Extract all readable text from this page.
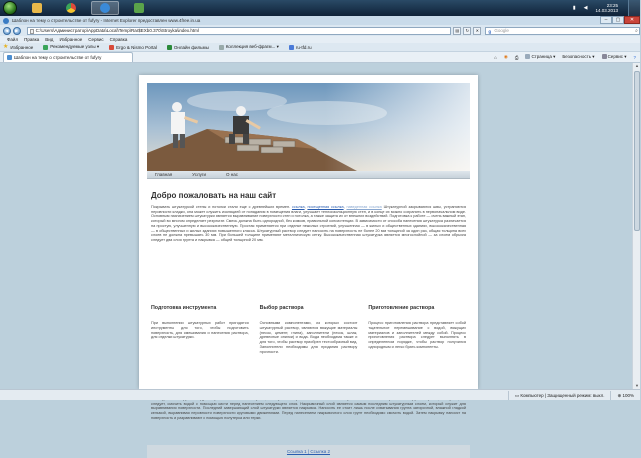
▮ ◀	23:25
14.03.2013
Шаблон на тему о строительстве от fufyry - Internet Explorer предоставлен www.4free.in.ua	–	▢	✕
◀	▶	C:\Users\Администратор\AppData\Local\Temp\Rar$EXb0.370\Stroyka\index.html	▤	↻	✕	g Google	⌕
Файл Правка Вид Избранное Сервис Справка
★ Избранное	Рекомендуемые узлы ▾	Ergo & Nismo Portal	Онлайн фильмы	Коллекция веб-фрагм... ▾	ru-tfd.ru
Шаблон на тему о строительстве от fufyry	⌂ ◉ ⎙	Страница ▾ Безопасность ▾	Сервис ▾ ?
Главная	Услуги	О нас
Добро пожаловать на наш сайт
Покрывать штукатуркой стены и потолки стали еще с древнейших времен. ссылка, посещенная ссылка, наведенная ссылка Штукатурной закрываются швы, устраняются неровности кладки, она может служить изоляцией от попадания в помещения влаги, улучшает теплоизоляционную стен, и в конце их можно сохранить в первоначальном виде. Основным назначением штукатурки является выравнивание поверхности стен и потолка, а также защита их от внешних воздействий. Подготовка к работе — очень важный этап, который во многом определяет результат. Смесь должна быть однородной, без комков, правильной консистенции. В зависимости от способа нанесения штукатурка различается на простую, улучшенную и высококачественную. Простая применяется при отделке нежилых строений, улучшенная — в жилых и общественных зданиях, высококачественная — в общественных и жилых зданиях повышенного класса. Штукатурный раствор следует наносить на поверхность не более 20 мм толщиной за один раз, общая толщина всех слоев не должна превышать 30 мм. При большей толщине применяют металлическую сетку. Высококачественная штукатурка является многослойной — за слоем обрызга следует два слоя грунта и накрывка — общей толщиной 20 мм.
Подготовка инструмента
При выполнении штукатурных работ пригодятся инструменты для того, чтобы подготовить поверхность, для смешивания и нанесения раствора, для отделки штукатурки.
Выбор раствора
Основными компонентами, из которых состоит штукатурный раствор, являются вяжущие материалы (песок, цемент, глина), заполнители (песок, шлак, древесные опилки) и вода. Вода необходима также и для того, чтобы раствор приобрел тестообразный вид. Заполнители необходимы для придания раствору прочности.
Приготовление раствора
Процесс приготовления раствора представляет собой тщательное перемешивание с водой, вяжущих материалов и заполнителей между собой. Процесс приготовления раствора следует выполнять в определенном порядке, чтобы раствор получился однородным и легко брать компоненты.
следует, смочить водой с помощью кисти перед нанесением следующего слоя. Накрывочный слой является самым последним штукатурным слоем, который служит для выравнивания поверхности. Последний завершающий слой штукатурки является накрывка. Наносить ее стоит лишь после схватывания грунта затирочной, влажной гладкой кельмой, выравнивая неровности поверхности круговыми движениями. Перед нанесением накрывочного слоя грунт необходимо смочить водой. Затем накрывку наносят на поверхность и разравнивают с помощью полутерка или терки.
Ссылка 1 | Ссылка 2
▲
▼
▭ Компьютер | Защищенный режим: выкл.	⊕ 100%
